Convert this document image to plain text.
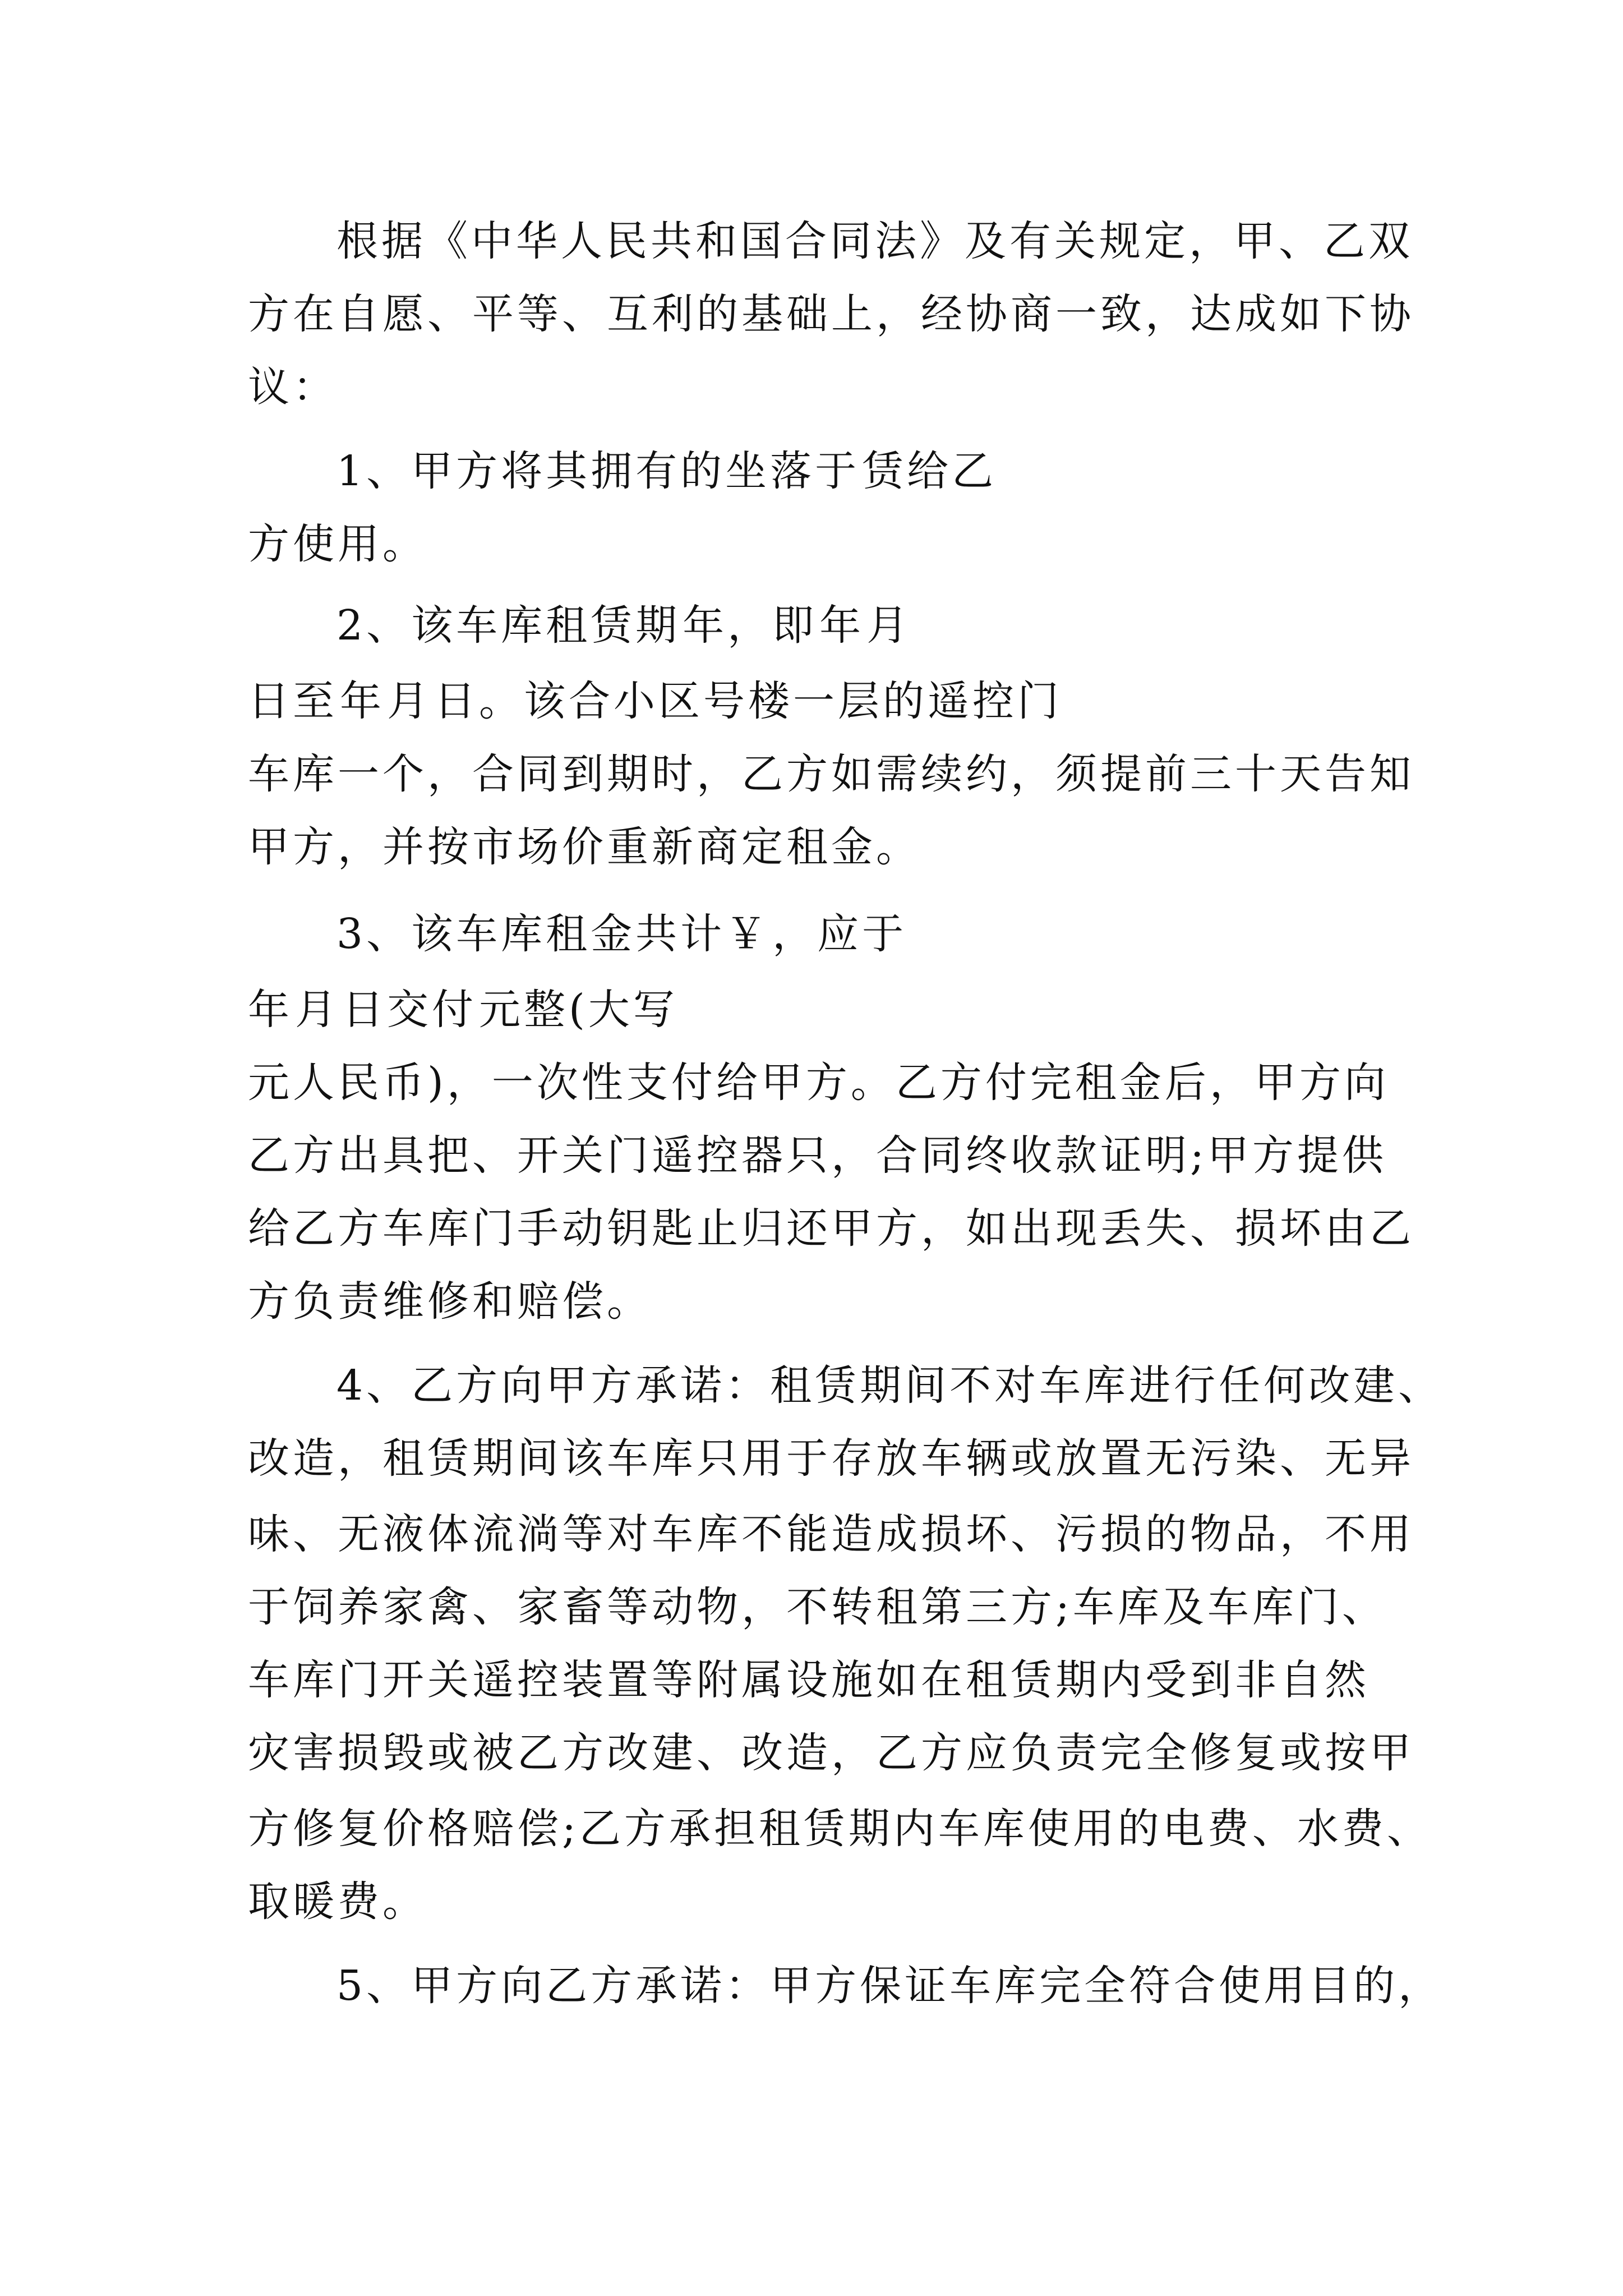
根据《中华人民共和国合同法》及有关规定，甲、乙双
方在自愿、平等、互利的基础上，经协商一致，达成如下协
议：
1、甲方将其拥有的坐落于赁给乙
方使用。
2、该车库租赁期年，即年月
日至年月日。该合小区号楼一层的遥控门
车库一个，合同到期时，乙方如需续约，须提前三十天告知
甲方，并按市场价重新商定租金。
3、该车库租金共计￥，应于
年月日交付元整(大写
元人民币)，一次性支付给甲方。乙方付完租金后，甲方向
乙方出具把、开关门遥控器只，合同终收款证明;甲方提供
给乙方车库门手动钥匙止归还甲方，如出现丢失、损坏由乙
方负责维修和赔偿。
4、乙方向甲方承诺：租赁期间不对车库进行任何改建、
改造，租赁期间该车库只用于存放车辆或放置无污染、无异
味、无液体流淌等对车库不能造成损坏、污损的物品，不用
于饲养家禽、家畜等动物，不转租第三方;车库及车库门、
车库门开关遥控装置等附属设施如在租赁期内受到非自然
灾害损毁或被乙方改建、改造，乙方应负责完全修复或按甲
方修复价格赔偿;乙方承担租赁期内车库使用的电费、水费、
取暖费。
5、甲方向乙方承诺：甲方保证车库完全符合使用目的，
